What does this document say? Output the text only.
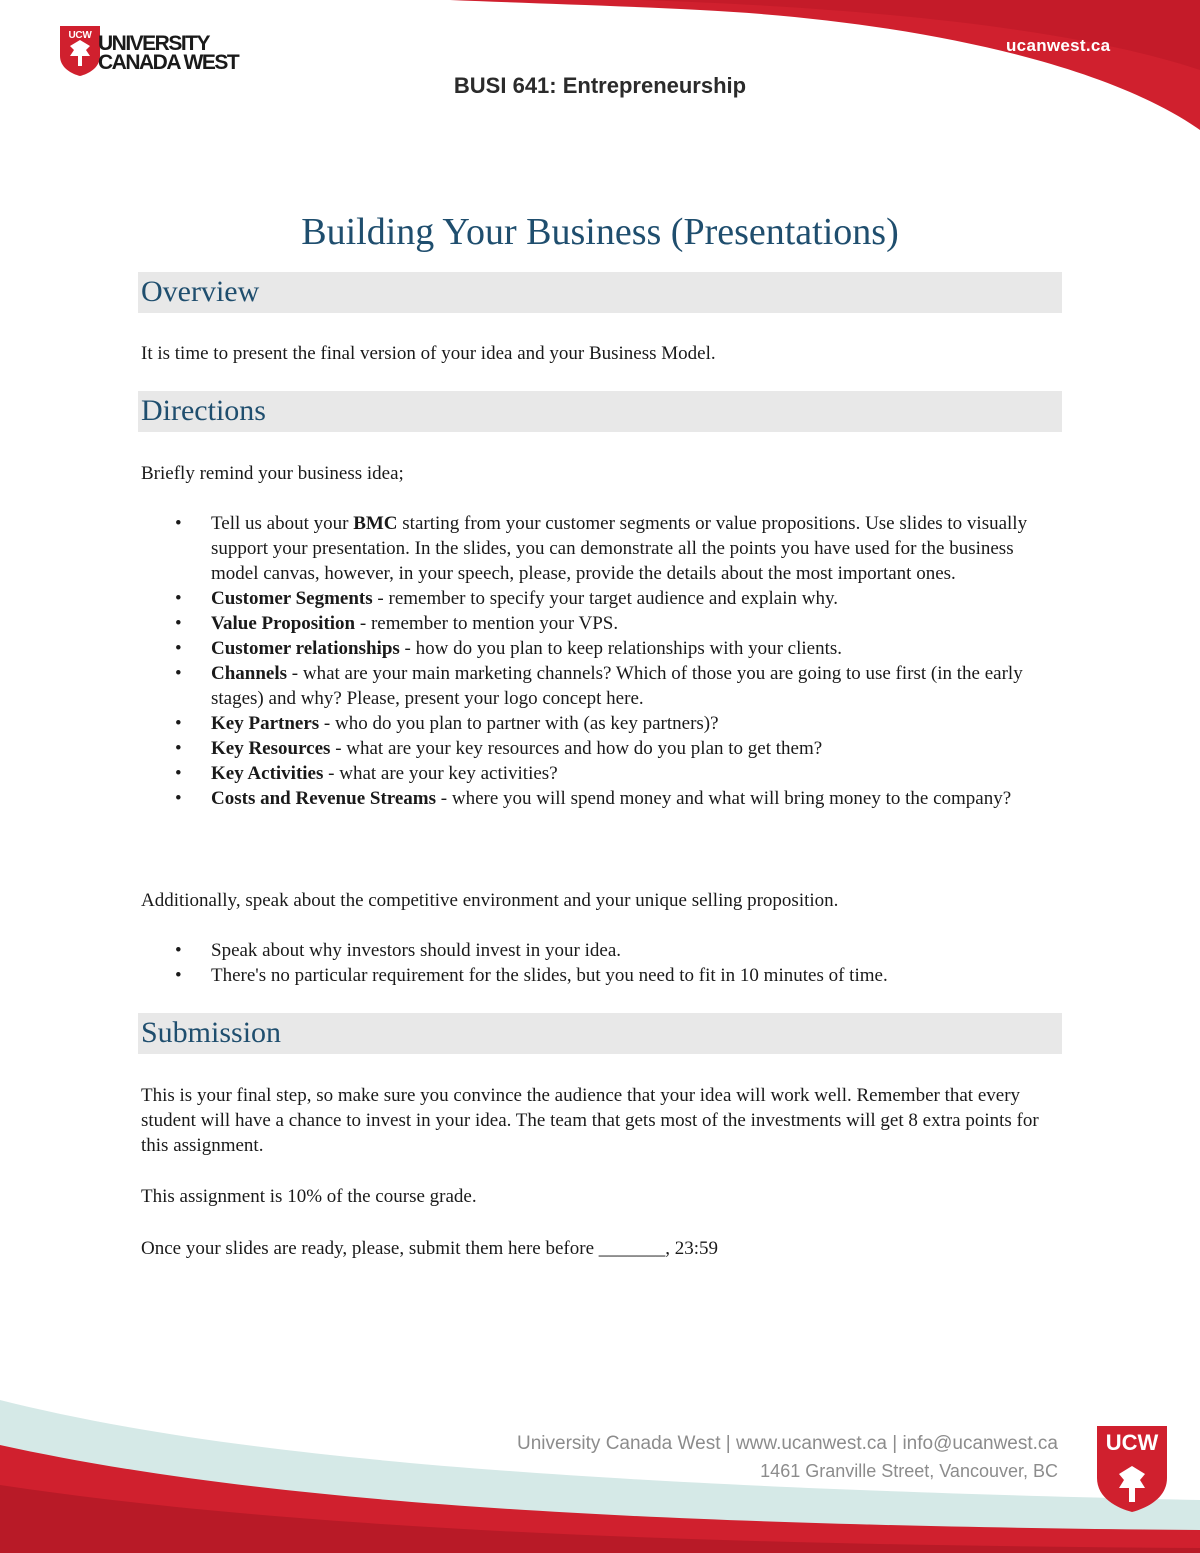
ucanwest.ca
UCW UNIVERSITY
CANADA WEST
BUSI 641: Entrepreneurship
Building Your Business (Presentations)
Overview
It is time to present the final version of your idea and your Business Model.
Directions
Briefly remind your business idea;
• Tell us about your BMC starting from your customer segments or value propositions. Use slides to visually support your presentation. In the slides, you can demonstrate all the points you have used for the business model canvas, however, in your speech, please, provide the details about the most important ones.
• Customer Segments - remember to specify your target audience and explain why.
• Value Proposition - remember to mention your VPS.
• Customer relationships - how do you plan to keep relationships with your clients.
• Channels - what are your main marketing channels? Which of those you are going to use first (in the early stages) and why? Please, present your logo concept here.
• Key Partners - who do you plan to partner with (as key partners)?
• Key Resources - what are your key resources and how do you plan to get them?
• Key Activities - what are your key activities?
• Costs and Revenue Streams - where you will spend money and what will bring money to the company?
Additionally, speak about the competitive environment and your unique selling proposition.
• Speak about why investors should invest in your idea.
• There's no particular requirement for the slides, but you need to fit in 10 minutes of time.
Submission
This is your final step, so make sure you convince the audience that your idea will work well. Remember that every student will have a chance to invest in your idea. The team that gets most of the investments will get 8 extra points for this assignment.
This assignment is 10% of the course grade.
Once your slides are ready, please, submit them here before _______, 23:59
University Canada West | www.ucanwest.ca | info@ucanwest.ca
1461 Granville Street, Vancouver, BC
UCW
